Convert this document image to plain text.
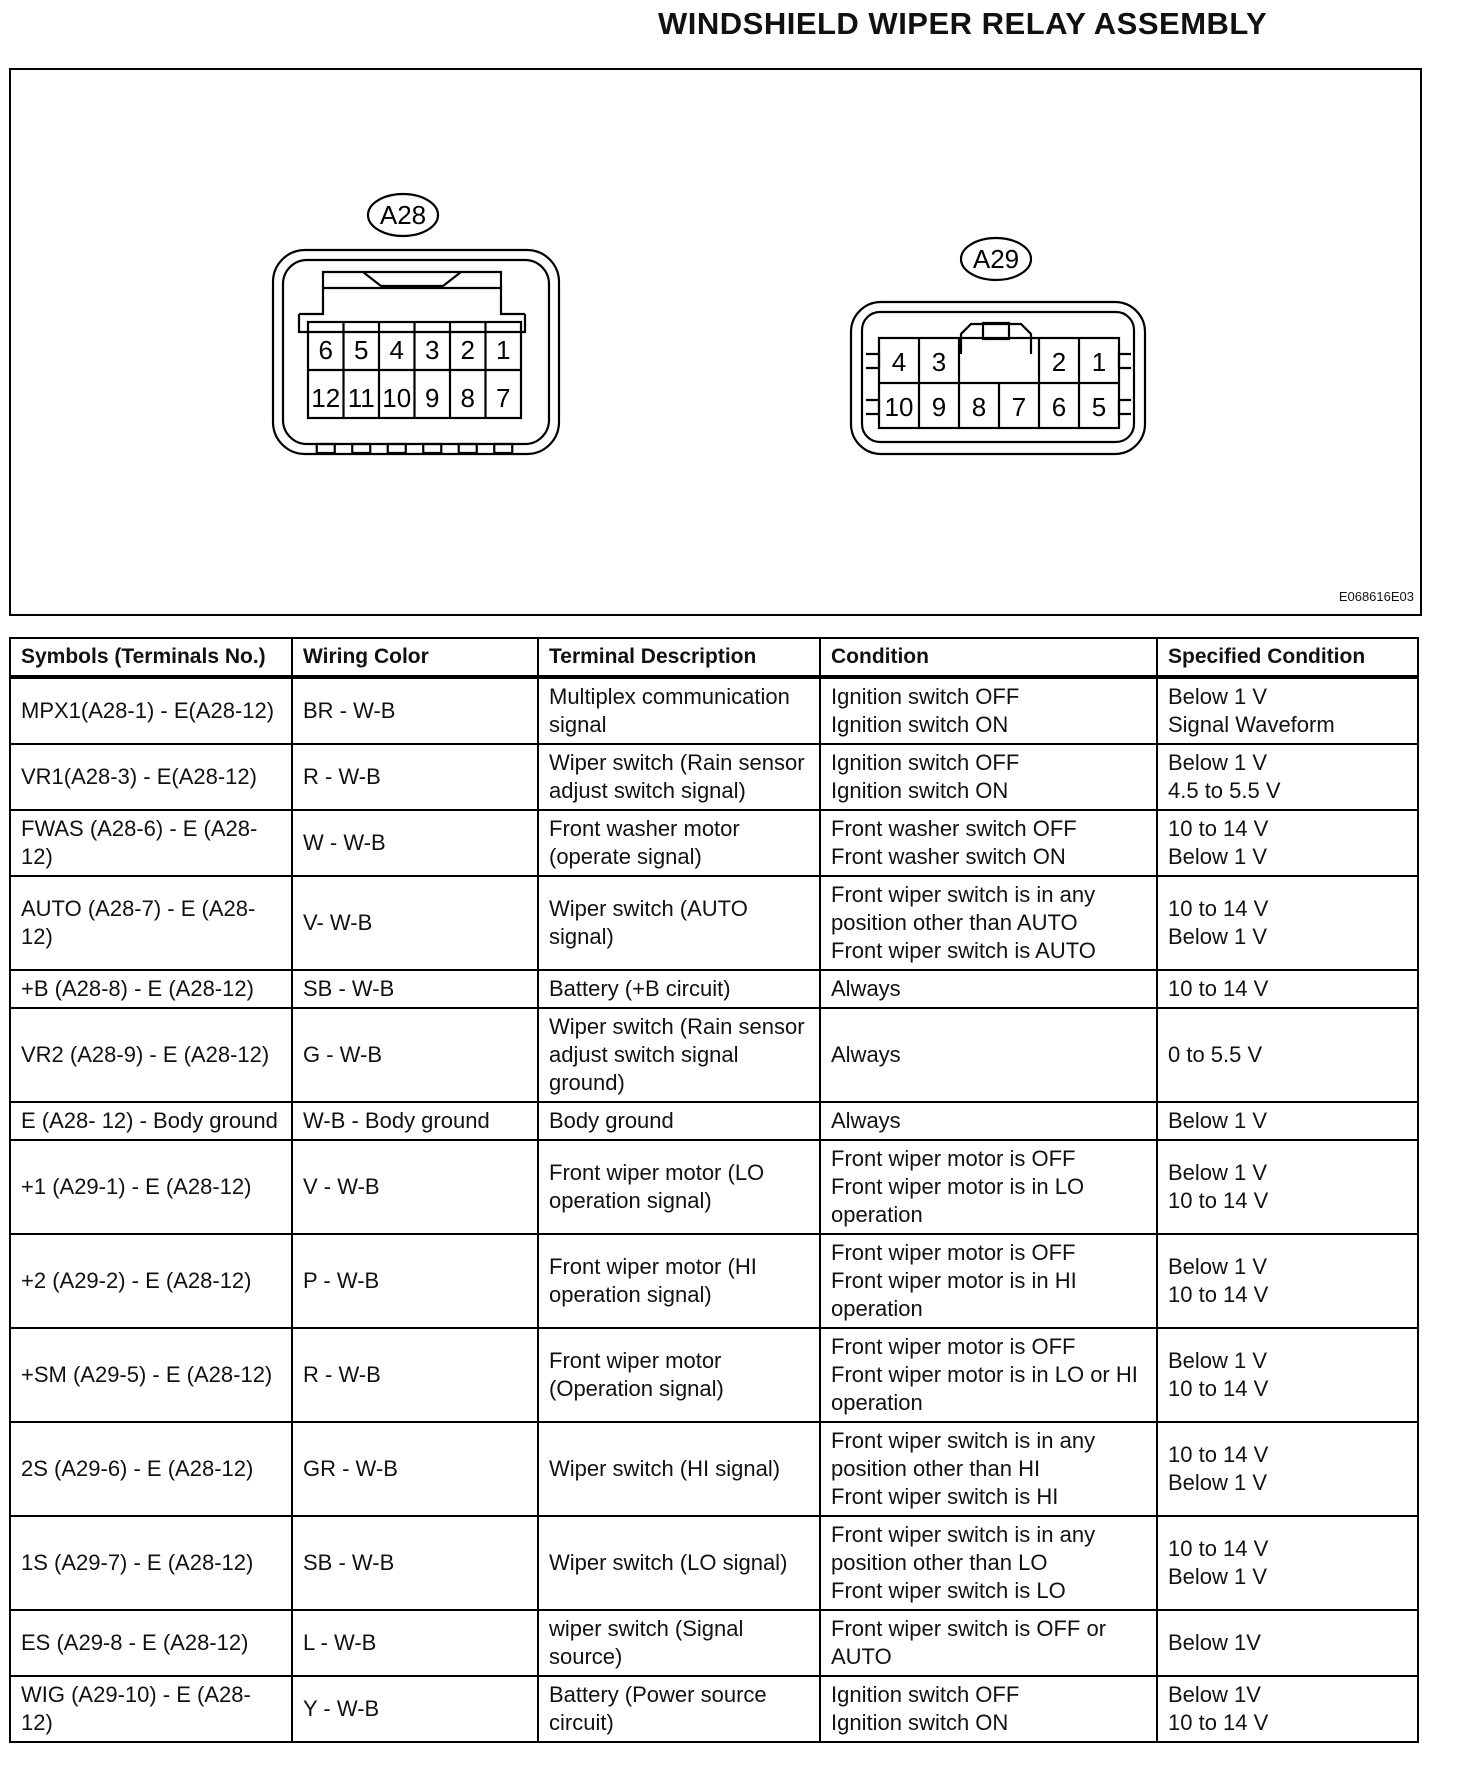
WINDSHIELD WIPER RELAY ASSEMBLY
A28
6
12
5
11
4
10
3
9
2
8
1
7
A29
4 3	2 1
10 9 8 7 6 5
E068616E03
Symbols (Terminals No.)	Wiring Color	Terminal Description	Condition	Specified Condition
MPX1(A28-1) - E(A28-12)	BR - W-B	Multiplex communication
signal	Ignition switch OFF
Ignition switch ON	Below 1 V
Signal Waveform
VR1(A28-3) - E(A28-12)	R - W-B	Wiper switch (Rain sensor
adjust switch signal)	Ignition switch OFF
Ignition switch ON	Below 1 V
4.5 to 5.5 V
FWAS (A28-6) - E (A28-
12)	W - W-B	Front washer motor
(operate signal)	Front washer switch OFF
Front washer switch ON	10 to 14 V
Below 1 V
AUTO (A28-7) - E (A28-
12)	V- W-B	Wiper switch (AUTO
signal)	Front wiper switch is in any
position other than AUTO
Front wiper switch is AUTO	10 to 14 V
Below 1 V
+B (A28-8) - E (A28-12)	SB - W-B	Battery (+B circuit)	Always	10 to 14 V
VR2 (A28-9) - E (A28-12)	G - W-B	Wiper switch (Rain sensor
adjust switch signal
ground)	Always	0 to 5.5 V
E (A28- 12) - Body ground	W-B - Body ground	Body ground	Always	Below 1 V
+1 (A29-1) - E (A28-12)	V - W-B	Front wiper motor (LO
operation signal)	Front wiper motor is OFF
Front wiper motor is in LO
operation	Below 1 V
10 to 14 V
+2 (A29-2) - E (A28-12)	P - W-B	Front wiper motor (HI
operation signal)	Front wiper motor is OFF
Front wiper motor is in HI
operation	Below 1 V
10 to 14 V
+SM (A29-5) - E (A28-12)	R - W-B	Front wiper motor
(Operation signal)	Front wiper motor is OFF
Front wiper motor is in LO or HI
operation	Below 1 V
10 to 14 V
2S (A29-6) - E (A28-12)	GR - W-B	Wiper switch (HI signal)	Front wiper switch is in any
position other than HI
Front wiper switch is HI	10 to 14 V
Below 1 V
1S (A29-7) - E (A28-12)	SB - W-B	Wiper switch (LO signal)	Front wiper switch is in any
position other than LO
Front wiper switch is LO	10 to 14 V
Below 1 V
ES (A29-8 - E (A28-12)	L - W-B	wiper switch (Signal
source)	Front wiper switch is OFF or
AUTO	Below 1V
WIG (A29-10) - E (A28-12)	Y - W-B	Battery (Power source
circuit)	Ignition switch OFF
Ignition switch ON	Below 1V
10 to 14 V
